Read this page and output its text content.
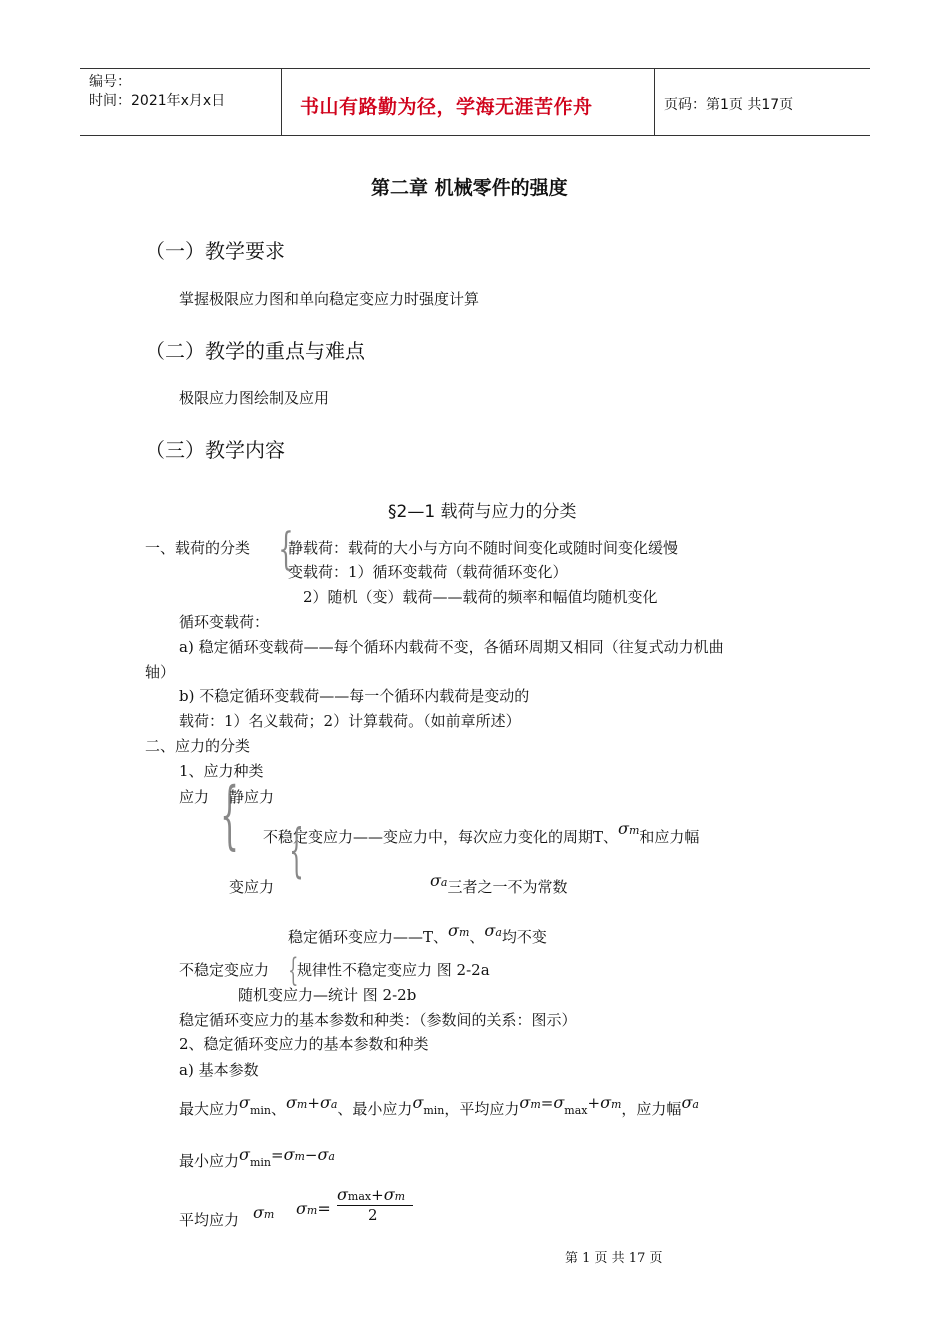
编号：
时间：2021年x月x日	书山有路勤为径，学海无涯苦作舟	页码：第1页 共17页
第二章 机械零件的强度
（一）教学要求
掌握极限应力图和单向稳定变应力时强度计算
（二）教学的重点与难点
极限应力图绘制及应用
（三）教学内容
§2—1 载荷与应力的分类
一、载荷的分类 {
静载荷：载荷的大小与方向不随时间变化或随时间变化缓慢
变载荷：1）循环变载荷（载荷循环变化）
2）随机（变）载荷——载荷的频率和幅值均随机变化
循环变载荷：
a) 稳定循环变载荷——每个循环内载荷不变，各循环周期又相同（往复式动力机曲
轴）
b) 不稳定循环变载荷——每一个循环内载荷是变动的
载荷：1）名义载荷；2）计算载荷。（如前章所述）
二、应力的分类
1、应力种类
应力 {
静应力
不稳定变应力——变应力中，每次应力变化的周期T、σm和应力幅
{
变应力	σa三者之一不为常数
稳定循环变应力——T、σm、σa均不变
不稳定变应力 {
规律性不稳定变应力 图 2-2a
随机变应力—统计 图 2-2b
稳定循环变应力的基本参数和种类：（参数间的关系：图示）
2、稳定循环变应力的基本参数和种类
a) 基本参数
最大应力σmin、σm+σa、最小应力σmin，平均应力σm=σmax+σm，应力幅σa
最小应力σmin=σm−σa
平均应力 σm σm=
σmax+σm
2
第 1 页 共 17 页
